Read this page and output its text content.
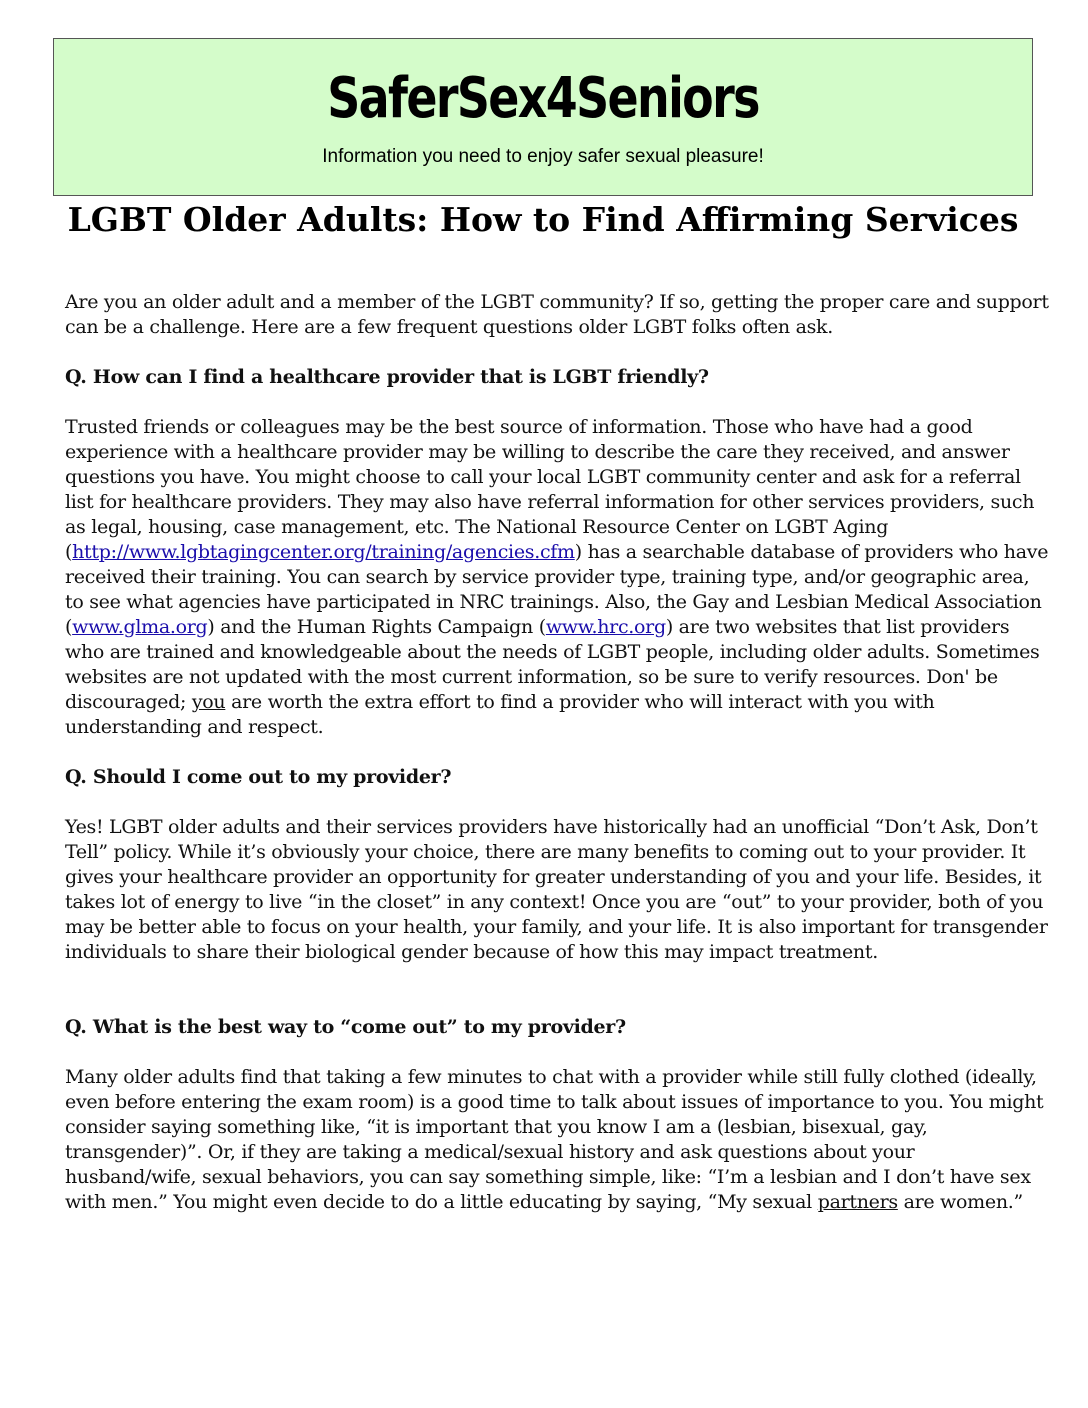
SaferSex4Seniors
Information you need to enjoy safer sexual pleasure!
LGBT Older Adults: How to Find Affirming Services

Are you an older adult and a member of the LGBT community? If so, getting the proper care and support can be a challenge. Here are a few frequent questions older LGBT folks often ask.

Q. How can I find a healthcare provider that is LGBT friendly?

Trusted friends or colleagues may be the best source of information. Those who have had a good experience with a healthcare provider may be willing to describe the care they received, and answer questions you have. You might choose to call your local LGBT community center and ask for a referral list for healthcare providers. They may also have referral information for other services providers, such as legal, housing, case management, etc. The National Resource Center on LGBT Aging (http://www.lgbtagingcenter.org/training/agencies.cfm) has a searchable database of providers who have received their training. You can search by service provider type, training type, and/or geographic area, to see what agencies have participated in NRC trainings. Also, the Gay and Lesbian Medical Association (www.glma.org) and the Human Rights Campaign (www.hrc.org) are two websites that list providers who are trained and knowledgeable about the needs of LGBT people, including older adults. Sometimes websites are not updated with the most current information, so be sure to verify resources. Don' be discouraged; you are worth the extra effort to find a provider who will interact with you with understanding and respect.

Q. Should I come out to my provider?

Yes! LGBT older adults and their services providers have historically had an unofficial “Don’t Ask, Don’t Tell” policy. While it’s obviously your choice, there are many benefits to coming out to your provider. It gives your healthcare provider an opportunity for greater understanding of you and your life. Besides, it takes lot of energy to live “in the closet” in any context! Once you are “out” to your provider, both of you may be better able to focus on your health, your family, and your life. It is also important for transgender individuals to share their biological gender because of how this may impact treatment.

Q. What is the best way to “come out” to my provider?

Many older adults find that taking a few minutes to chat with a provider while still fully clothed (ideally, even before entering the exam room) is a good time to talk about issues of importance to you. You might consider saying something like, “it is important that you know I am a (lesbian, bisexual, gay, transgender)”. Or, if they are taking a medical/sexual history and ask questions about your husband/wife, sexual behaviors, you can say something simple, like: “I’m a lesbian and I don’t have sex with men.” You might even decide to do a little educating by saying, “My sexual partners are women.”
